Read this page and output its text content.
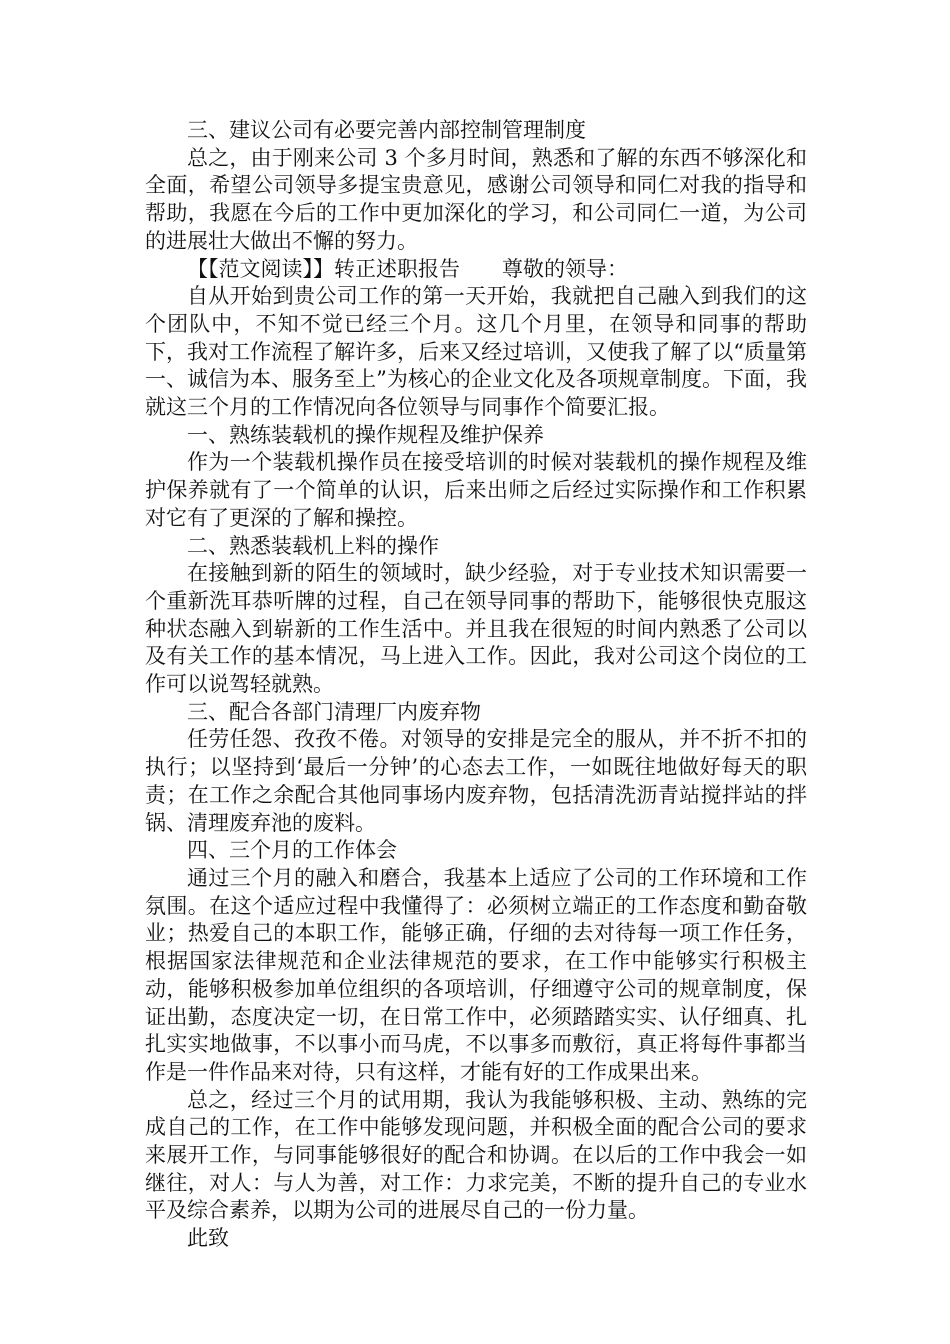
三、建议公司有必要完善内部控制管理制度

总之，由于刚来公司 3 个多月时间，熟悉和了解的东西不够深化和全面，希望公司领导多提宝贵意见，感谢公司领导和同仁对我的指导和帮助，我愿在今后的工作中更加深化的学习，和公司同仁一道，为公司的进展壮大做出不懈的努力。

【【范文阅读】】转正述职报告　　尊敬的领导：

自从开始到贵公司工作的第一天开始，我就把自己融入到我们的这个团队中，不知不觉已经三个月。这几个月里，在领导和同事的帮助下，我对工作流程了解许多，后来又经过培训，又使我了解了以“质量第一、诚信为本、服务至上”为核心的企业文化及各项规章制度。下面，我就这三个月的工作情况向各位领导与同事作个简要汇报。

一、熟练装载机的操作规程及维护保养

作为一个装载机操作员在接受培训的时候对装载机的操作规程及维护保养就有了一个简单的认识，后来出师之后经过实际操作和工作积累对它有了更深的了解和操控。

二、熟悉装载机上料的操作

在接触到新的陌生的领域时，缺少经验，对于专业技术知识需要一个重新洗耳恭听牌的过程，自己在领导同事的帮助下，能够很快克服这种状态融入到崭新的工作生活中。并且我在很短的时间内熟悉了公司以及有关工作的基本情况，马上进入工作。因此，我对公司这个岗位的工作可以说驾轻就熟。

三、配合各部门清理厂内废弃物

任劳任怨、孜孜不倦。对领导的安排是完全的服从，并不折不扣的执行；以坚持到‘最后一分钟’的心态去工作，一如既往地做好每天的职责；在工作之余配合其他同事场内废弃物，包括清洗沥青站搅拌站的拌锅、清理废弃池的废料。

四、三个月的工作体会

通过三个月的融入和磨合，我基本上适应了公司的工作环境和工作氛围。在这个适应过程中我懂得了：必须树立端正的工作态度和勤奋敬业；热爱自己的本职工作，能够正确，仔细的去对待每一项工作任务，根据国家法律规范和企业法律规范的要求，在工作中能够实行积极主动，能够积极参加单位组织的各项培训，仔细遵守公司的规章制度，保证出勤，态度决定一切，在日常工作中，必须踏踏实实、认仔细真、扎扎实实地做事，不以事小而马虎，不以事多而敷衍，真正将每件事都当作是一件作品来对待，只有这样，才能有好的工作成果出来。

总之，经过三个月的试用期，我认为我能够积极、主动、熟练的完成自己的工作，在工作中能够发现问题，并积极全面的配合公司的要求来展开工作，与同事能够很好的配合和协调。在以后的工作中我会一如继往，对人：与人为善，对工作：力求完美，不断的提升自己的专业水平及综合素养，以期为公司的进展尽自己的一份力量。

此致
